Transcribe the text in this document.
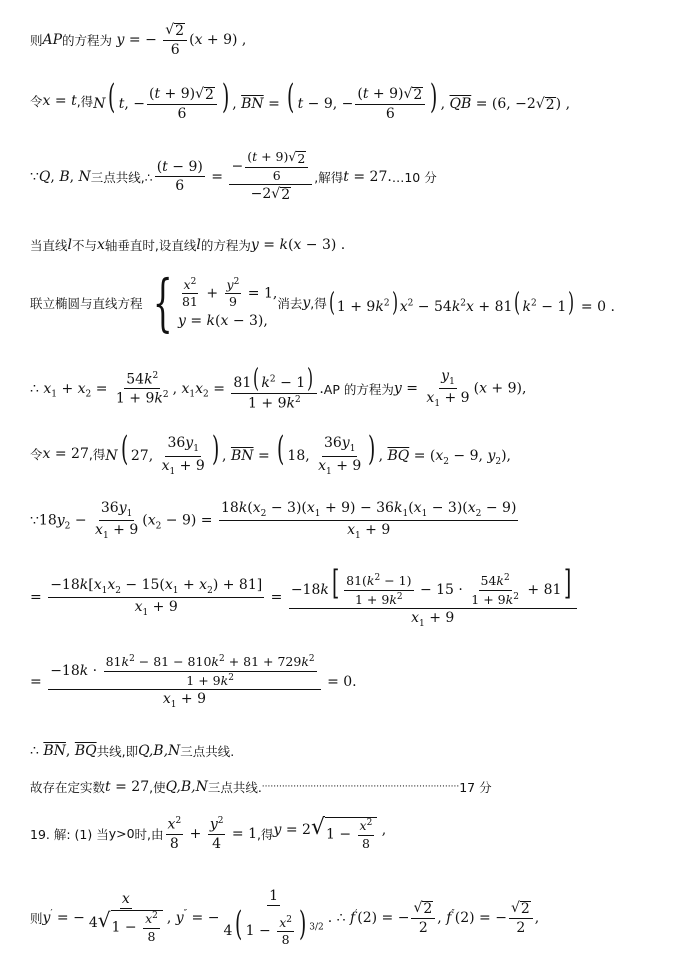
则 AP 的方程为 y = − $\frac{√ 2}{6} (x + 9)$ ,
令 x = t ,得 N( t, − $\frac{(t + 9) √ 2}{6}$ ) , $\overline{BN}$ = ( t − 9, − $\frac{(t + 9) √ 2}{6}$ ) , $\overline{QB} = (6$, −2 √ 2 ) ,
∵ Q, B, N 三点共线,∴ $\frac{(t - 9)}{6} = \frac{- \frac{(t + 9) √ 2}{6}}{-2 √ 2}$ ,解得 t = 27. …10 分
当直线 l 不与 x 轴垂直时,设直线 l 的方程为 y = k(x − 3) .
联立椭圆与直线方程 { $\frac{x^2}{81} + \frac{y^2}{9} = 1$,
y = k(x − 3),
消去 y ,得 ( $1 + 9k^2$) $x^2 - 54k^2x + 81$( $k^2 - 1) = 0$ .
∴ $x_1 + x_2 = \frac{54k^2}{1 + 9k^2}$ , $x_1x_2 = \frac{81( k^2 - 1)}{1 + 9k^2}$ . AP 的方程为 $y = \frac{y_1}{x_1 + 9} (x + 9)$,
令 x = 27 ,得 N( 27, $\frac{36y_1}{x_1 + 9}$ ) , $\overline{BN}$ = ( 18, $\frac{36y_1}{x_1 + 9}$ ) , $\overline{BQ} = (x_2 - 9$, $y_2$),
∵ $18y_2 - \frac{36y_1}{x_1 + 9} (x_2 - 9) = \frac{18k(x_2 - 3)(x_1 + 9) - 36k_1(x_1 - 3)(x_2 - 9)}{x_1 + 9}$
= $\frac{-18k[x_1x_2 - 15(x_1 + x_2) + 81]}{x_1 + 9} = \frac{-18k[ \frac{81(k^2 - 1)}{1 + 9k^2} - 15 \cdot \frac{54k^2}{1 + 9k^2} + 81]}{x_1 + 9}$
= $\frac{-18k \cdot \frac{81k^2 - 81 - 810k^2 + 81 + 729k^2}{1 + 9k^2}}{x_1 + 9} = 0$.
∴ $\overline{BN}$, $\overline{BQ}$ 共线,即 Q,B,N 三点共线.
故存在定实数 t = 27 ,使 Q,B,N 三点共线. ····································································· 17 分
19. 解: (1) 当 y>0 时,由 $\frac{x^2}{8} + \frac{y^2}{4} = 1$ ,得 y = 2 √ $1 - \frac{x^2}{8}$ ,
则 y′ = − $\frac{x}{4 √ 1 - \frac{x^2}{8}}$ , y″ = − $\frac{1}{4( 1 - \frac{x^2}{8} ) ^{3/2}}$ . ∴ f′(2) = − $\frac{√ 2}{2}$ , f″(2) = − $\frac{√ 2}{2}$ ,
